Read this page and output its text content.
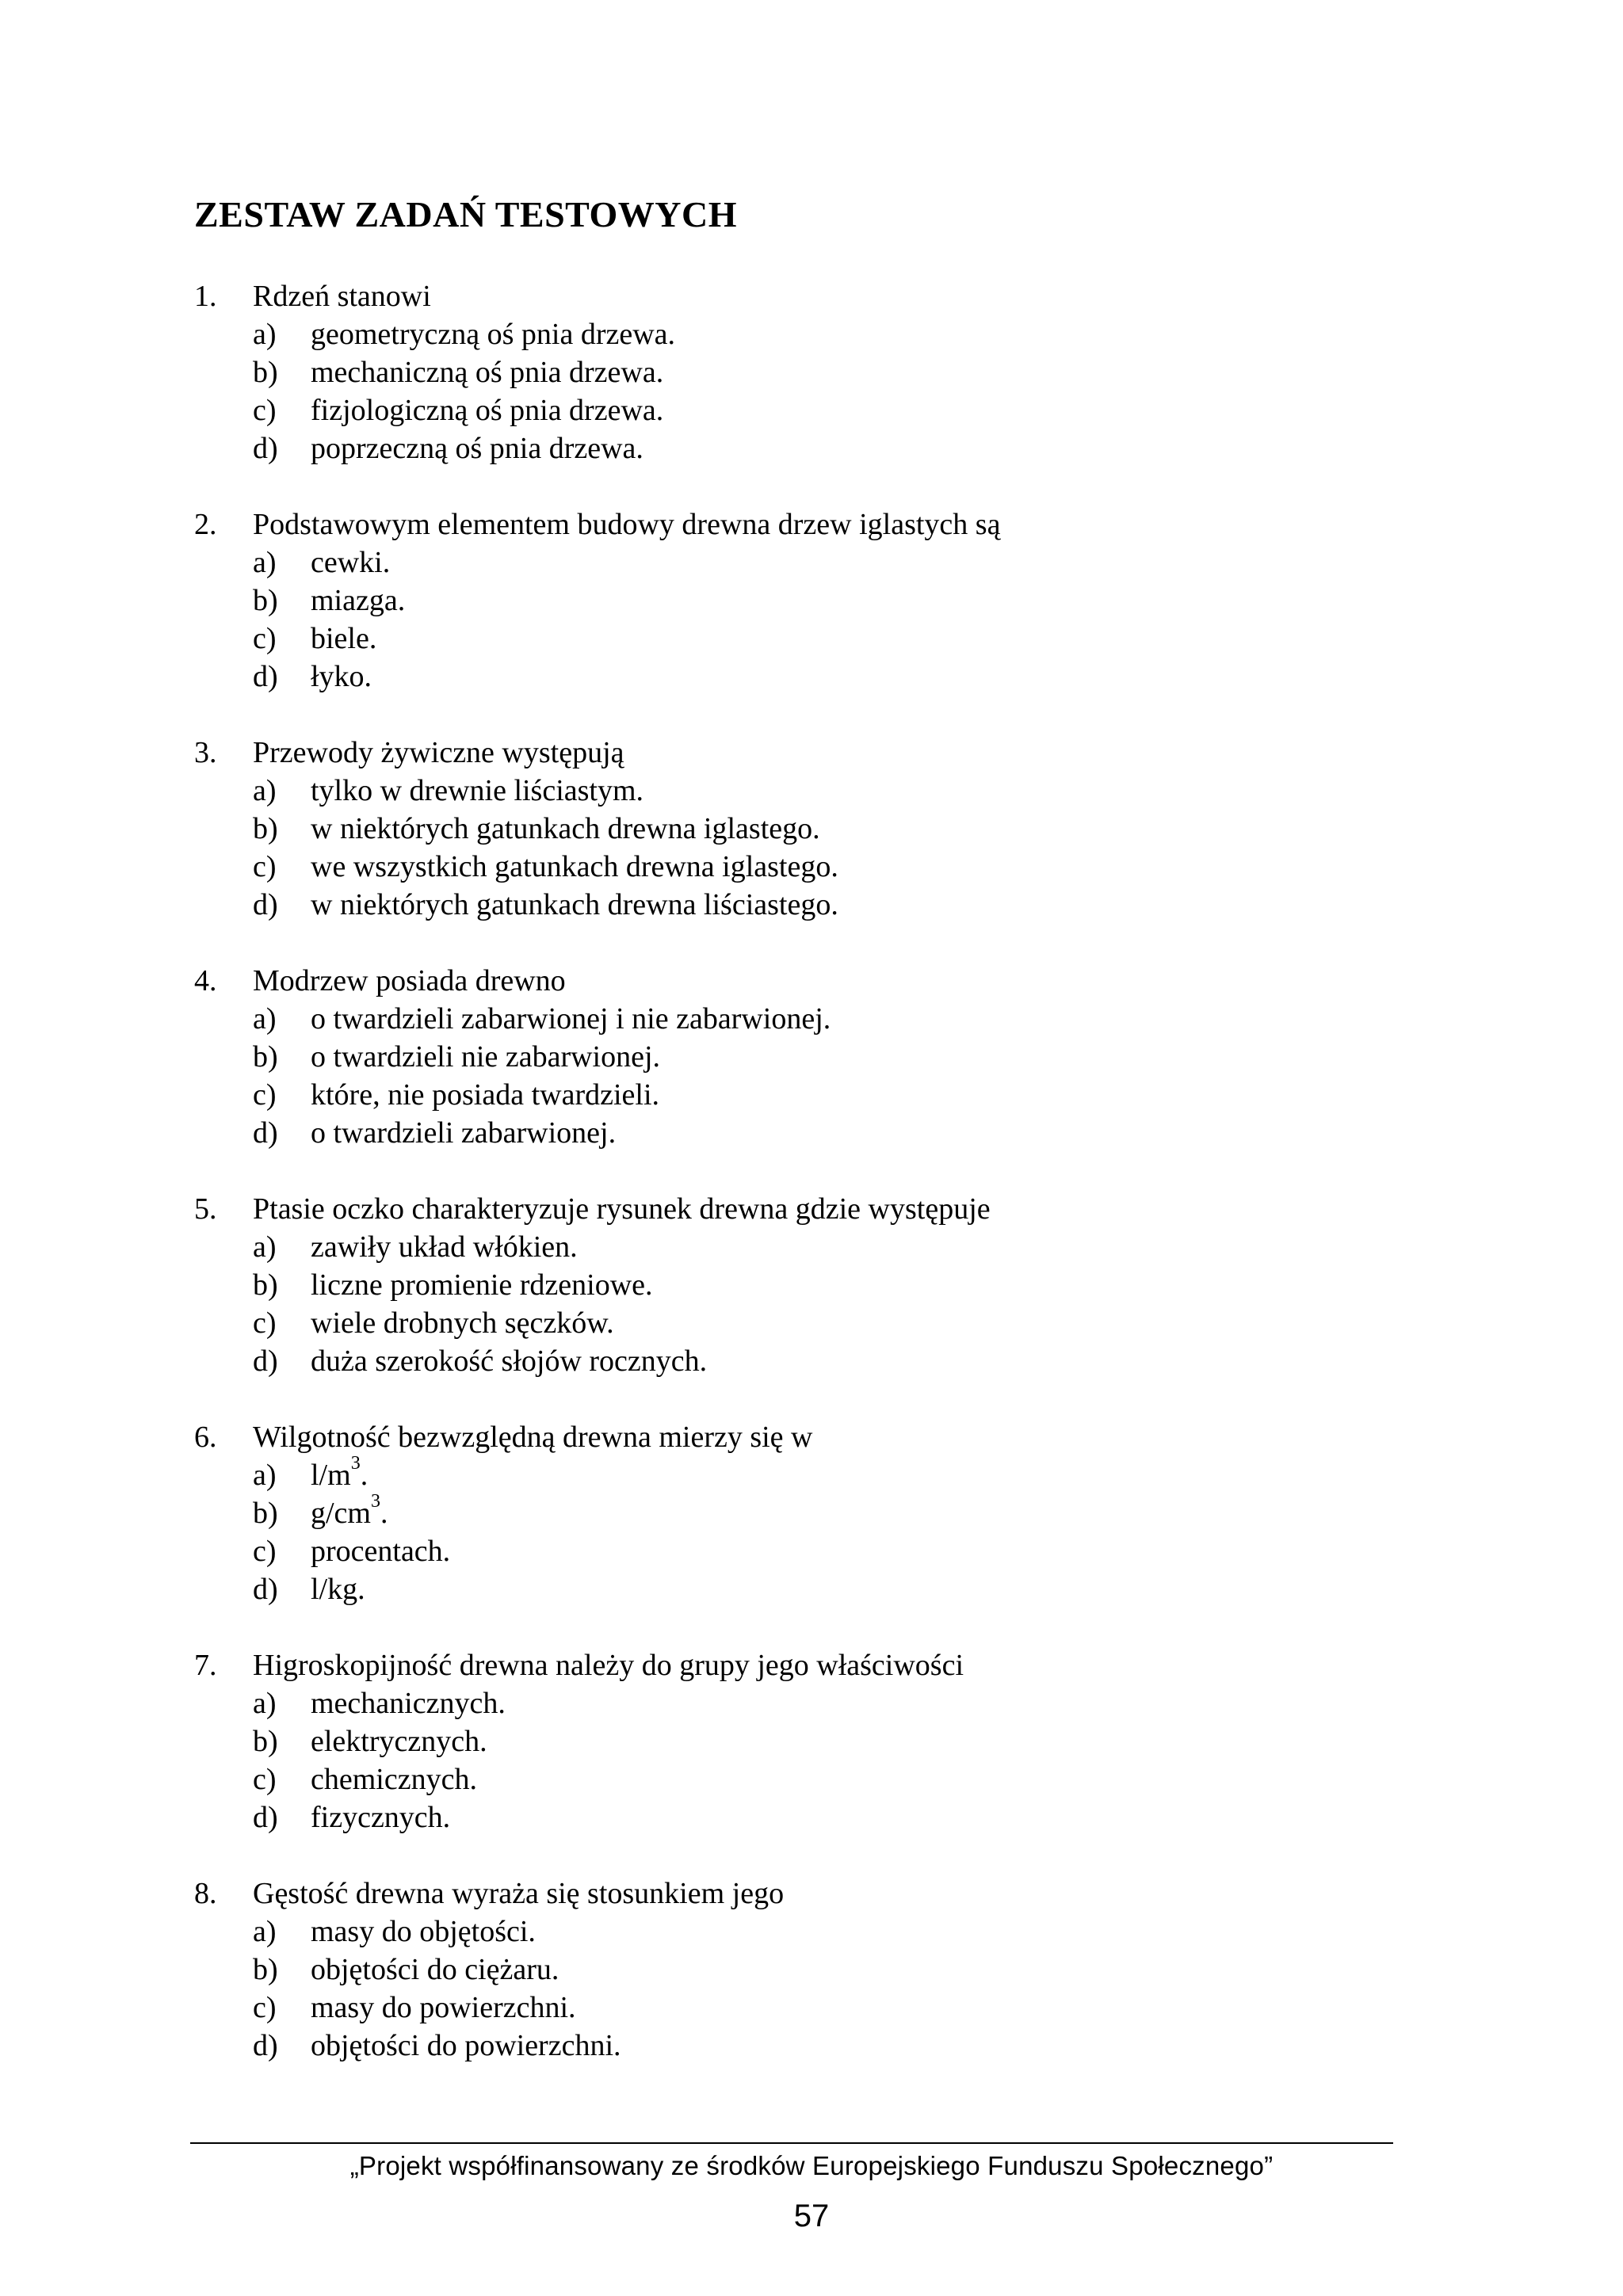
ZESTAW ZADAŃ TESTOWYCH
1. Rdzeń stanowi
a) geometryczną oś pnia drzewa.
b) mechaniczną oś pnia drzewa.
c) fizjologiczną oś pnia drzewa.
d) poprzeczną oś pnia drzewa.
2. Podstawowym elementem budowy drewna drzew iglastych są
a) cewki.
b) miazga.
c) biele.
d) łyko.
3. Przewody żywiczne występują
a) tylko w drewnie liściastym.
b) w niektórych gatunkach drewna iglastego.
c) we wszystkich gatunkach drewna iglastego.
d) w niektórych gatunkach drewna liściastego.
4. Modrzew posiada drewno
a) o twardzieli zabarwionej i nie zabarwionej.
b) o twardzieli nie zabarwionej.
c) które, nie posiada twardzieli.
d) o twardzieli zabarwionej.
5. Ptasie oczko charakteryzuje rysunek drewna gdzie występuje
a) zawiły układ włókien.
b) liczne promienie rdzeniowe.
c) wiele drobnych sęczków.
d) duża szerokość słojów rocznych.
6. Wilgotność bezwzględną drewna mierzy się w
a) $l/m^3$.
b) $g/cm^3$.
c) procentach.
d) l/kg.
7. Higroskopijność drewna należy do grupy jego właściwości
a) mechanicznych.
b) elektrycznych.
c) chemicznych.
d) fizycznych.
8. Gęstość drewna wyraża się stosunkiem jego
a) masy do objętości.
b) objętości do ciężaru.
c) masy do powierzchni.
d) objętości do powierzchni.
„Projekt współfinansowany ze środków Europejskiego Funduszu Społecznego”
57
